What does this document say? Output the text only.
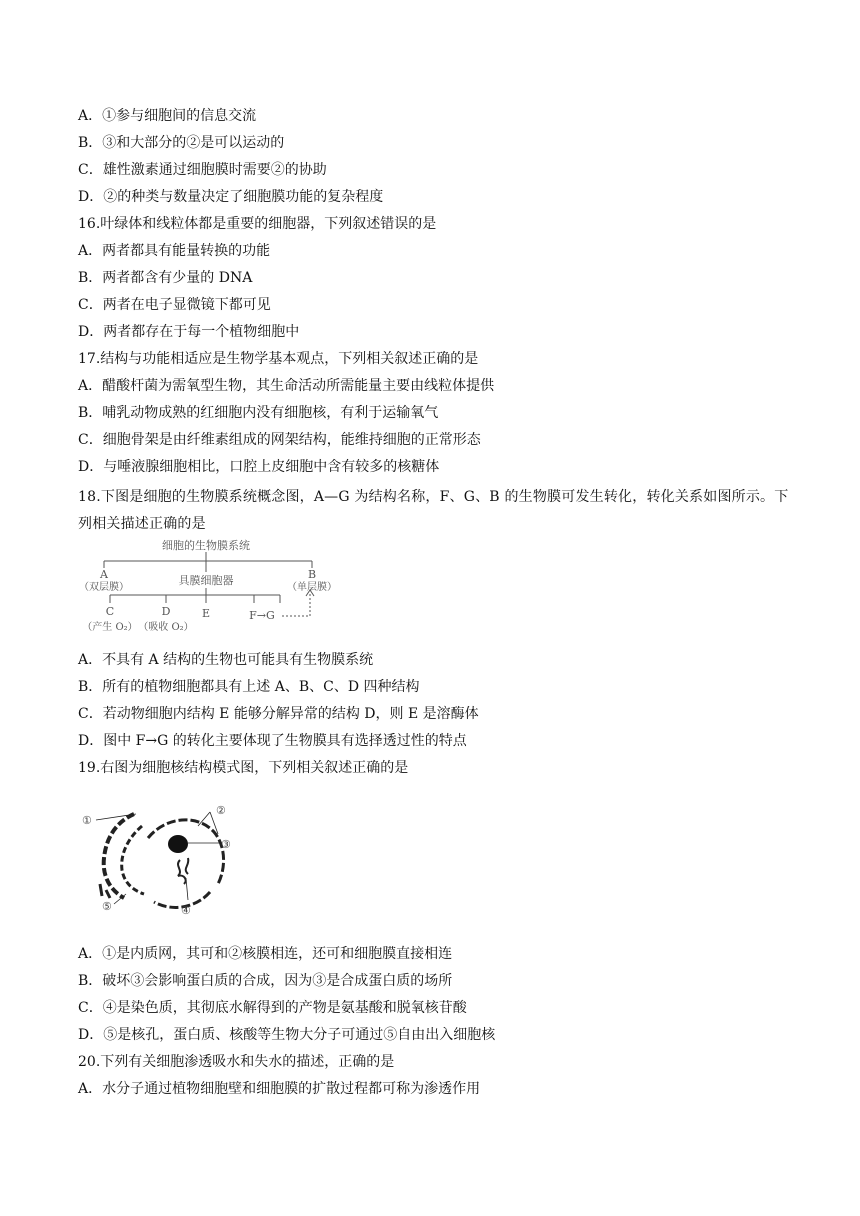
A．①参与细胞间的信息交流
B．③和大部分的②是可以运动的
C．雄性激素通过细胞膜时需要②的协助
D．②的种类与数量决定了细胞膜功能的复杂程度
16.叶绿体和线粒体都是重要的细胞器，下列叙述错误的是
A．两者都具有能量转换的功能
B．两者都含有少量的 DNA
C．两者在电子显微镜下都可见
D．两者都存在于每一个植物细胞中
17.结构与功能相适应是生物学基本观点，下列相关叙述正确的是
A．醋酸杆菌为需氧型生物，其生命活动所需能量主要由线粒体提供
B．哺乳动物成熟的红细胞内没有细胞核，有利于运输氧气
C．细胞骨架是由纤维素组成的网架结构，能维持细胞的正常形态
D．与唾液腺细胞相比，口腔上皮细胞中含有较多的核糖体
18.下图是细胞的生物膜系统概念图，A—G 为结构名称，F、G、B 的生物膜可发生转化，转化关系如图所示。下列相关描述正确的是
细胞的生物膜系统
A
（双层膜）
B
（单层膜）
具膜细胞器
C
（产生 O₂）
D
（吸收 O₂）
E	F→G
A．不具有 A 结构的生物也可能具有生物膜系统
B．所有的植物细胞都具有上述 A、B、C、D 四种结构
C．若动物细胞内结构 E 能够分解异常的结构 D，则 E 是溶酶体
D．图中 F→G 的转化主要体现了生物膜具有选择透过性的特点
19.右图为细胞核结构模式图，下列相关叙述正确的是
①
②
③
④
⑤
A．①是内质网，其可和②核膜相连，还可和细胞膜直接相连
B．破坏③会影响蛋白质的合成，因为③是合成蛋白质的场所
C．④是染色质，其彻底水解得到的产物是氨基酸和脱氧核苷酸
D．⑤是核孔，蛋白质、核酸等生物大分子可通过⑤自由出入细胞核
20.下列有关细胞渗透吸水和失水的描述，正确的是
A．水分子通过植物细胞壁和细胞膜的扩散过程都可称为渗透作用
